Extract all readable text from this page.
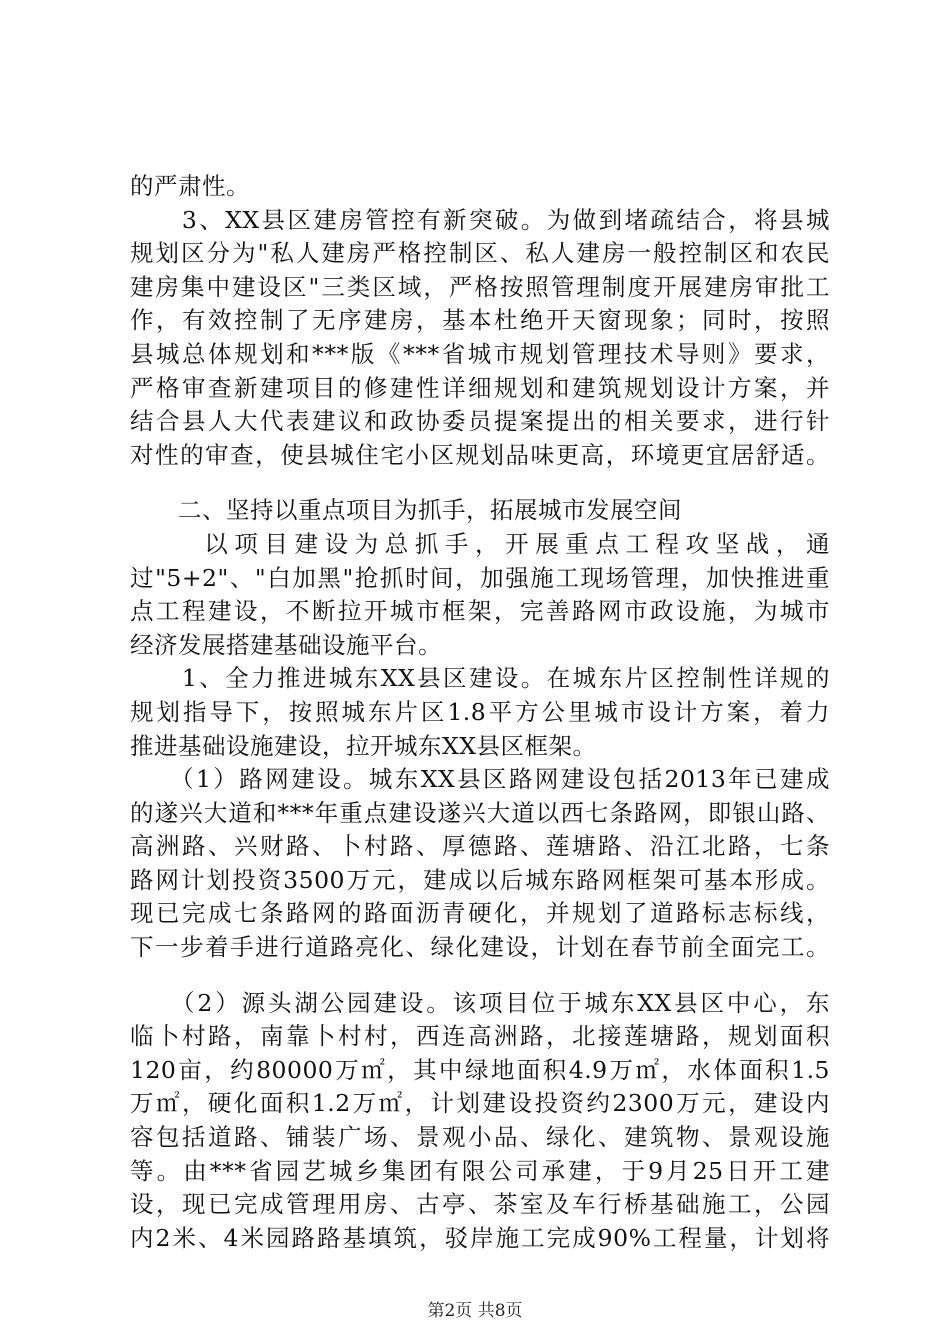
的严肃性。
　　3、XX县区建房管控有新突破。为做到堵疏结合，将县城
规划区分为"私人建房严格控制区、私人建房一般控制区和农民
建房集中建设区"三类区域，严格按照管理制度开展建房审批工
作，有效控制了无序建房，基本杜绝开天窗现象；同时，按照
县城总体规划和***版《***省城市规划管理技术导则》要求，
严格审查新建项目的修建性详细规划和建筑规划设计方案，并
结合县人大代表建议和政协委员提案提出的相关要求，进行针
对性的审查，使县城住宅小区规划品味更高，环境更宜居舒适。
　　二、坚持以重点项目为抓手，拓展城市发展空间
　　 以项目建设为总抓手，开展重点工程攻坚战，通
过"5+2"、"白加黑"抢抓时间，加强施工现场管理，加快推进重
点工程建设，不断拉开城市框架，完善路网市政设施，为城市
经济发展搭建基础设施平台。
　　1、全力推进城东XX县区建设。在城东片区控制性详规的
规划指导下，按照城东片区1.8平方公里城市设计方案，着力
推进基础设施建设，拉开城东XX县区框架。
　　（1）路网建设。城东XX县区路网建设包括2013年已建成
的遂兴大道和***年重点建设遂兴大道以西七条路网，即银山路、
高洲路、兴财路、卜村路、厚德路、莲塘路、沿江北路，七条
路网计划投资3500万元，建成以后城东路网框架可基本形成。
现已完成七条路网的路面沥青硬化，并规划了道路标志标线，
下一步着手进行道路亮化、绿化建设，计划在春节前全面完工。
　　（2）源头湖公园建设。该项目位于城东XX县区中心，东
临卜村路，南靠卜村村，西连高洲路，北接莲塘路，规划面积
120亩，约80000万㎡，其中绿地面积4.9万㎡，水体面积1.5
万㎡，硬化面积1.2万㎡，计划建设投资约2300万元，建设内
容包括道路、铺装广场、景观小品、绿化、建筑物、景观设施
等。由***省园艺城乡集团有限公司承建，于9月25日开工建
设，现已完成管理用房、古亭、茶室及车行桥基础施工，公园
内2米、4米园路路基填筑，驳岸施工完成90%工程量，计划将
第2页 共8页
